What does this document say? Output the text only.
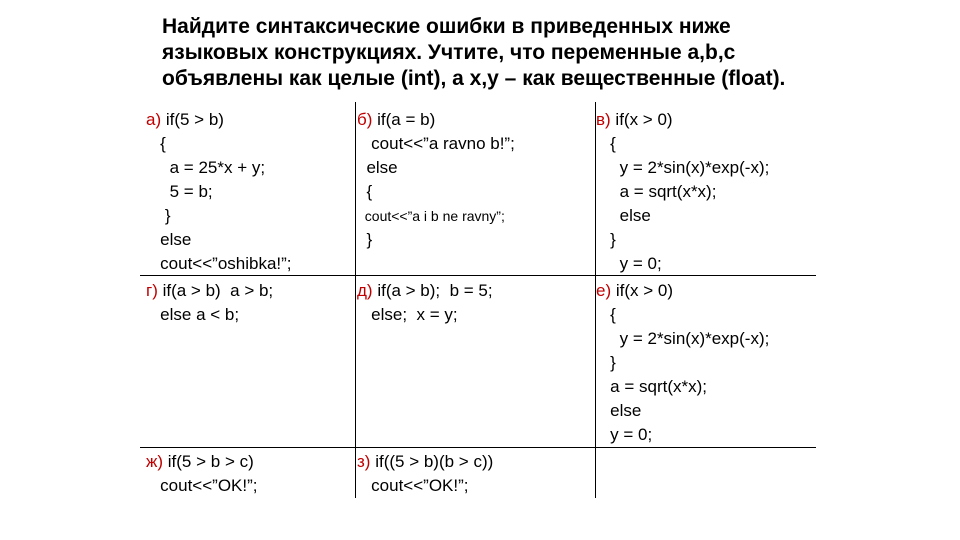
Найдите синтаксические ошибки в приведенных ниже
языковых конструкциях. Учтите, что переменные a,b,c
объявлены как целые (int), а x,y – как вещественные (float).
а) if(5 > b)
{
a = 25*x + y;
5 = b;
}
else
cout<<”oshibka!”;
б) if(a = b)
cout<<”a ravno b!”;
else
{
cout<<”a i b ne ravny”;
}
в) if(x > 0)
{
y = 2*sin(x)*exp(-x);
a = sqrt(x*x);
else
}
y = 0;
г) if(a > b)  a > b;
else a < b;
д) if(a > b);  b = 5;
else;  x = y;
е) if(x > 0)
{
y = 2*sin(x)*exp(-x);
}
a = sqrt(x*x);
else
y = 0;
ж) if(5 > b > c)
cout<<”OK!”;
з) if((5 > b)(b > c))
cout<<”OK!”;
